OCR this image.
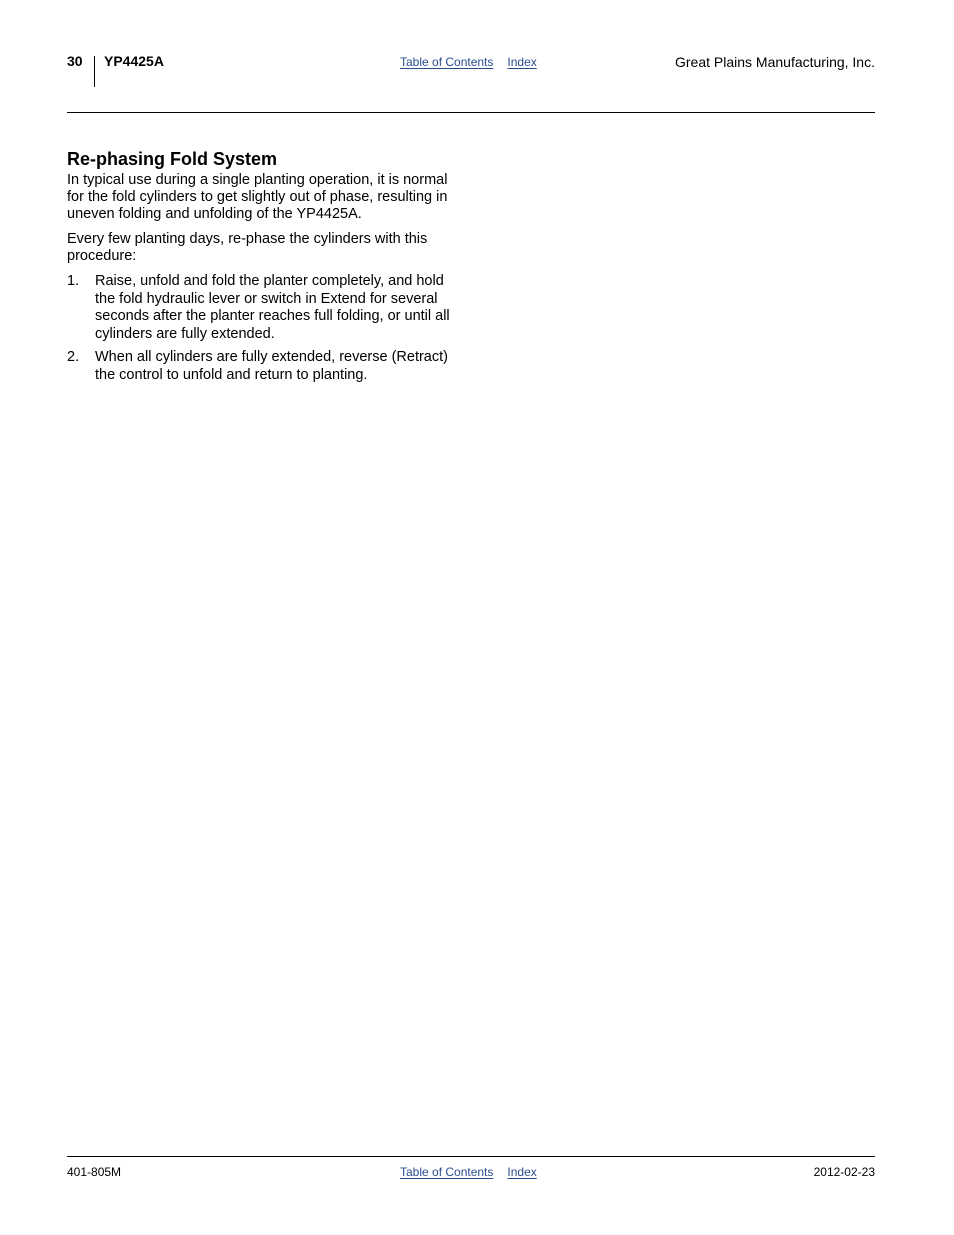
30 YP4425A	Table of Contents Index	Great Plains Manufacturing, Inc.
Re-phasing Fold System

In typical use during a single planting operation, it is normal for the fold cylinders to get slightly out of phase, resulting in uneven folding and unfolding of the YP4425A.

Every few planting days, re-phase the cylinders with this procedure:

1.	Raise, unfold and fold the planter completely, and hold the fold hydraulic lever or switch in Extend for several seconds after the planter reaches full folding, or until all cylinders are fully extended.
2.	When all cylinders are fully extended, reverse (Retract) the control to unfold and return to planting.
401-805M	Table of Contents Index	2012-02-23
